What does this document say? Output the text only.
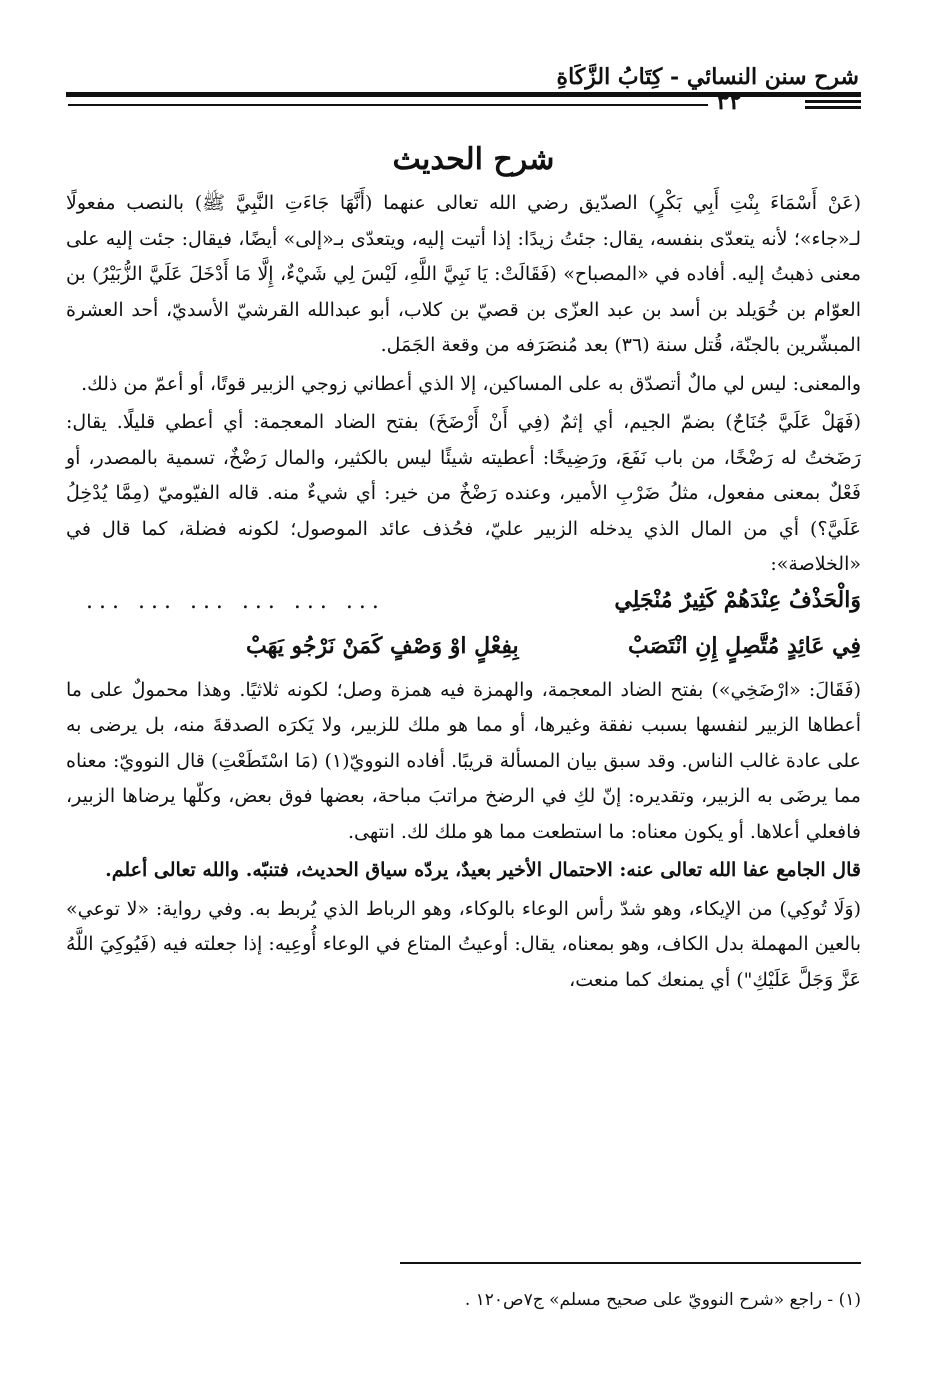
شرح سنن النسائي - كِتَابُ الزَّكَاةِ
٣٢
شرح الحديث

(عَنْ أَسْمَاءَ بِنْتِ أَبِي بَكْرٍ) الصدّيق رضي الله تعالى عنهما (أَنَّهَا جَاءَتِ النَّبِيَّ ﷺ) بالنصب مفعولًا لـ«جاء»؛ لأنه يتعدّى بنفسه، يقال: جئتُ زيدًا: إذا أتيت إليه، ويتعدّى بـ«إلى» أيضًا، فيقال: جئت إليه على معنى ذهبتُ إليه. أفاده في «المصباح» (فَقَالَتْ: يَا نَبِيَّ اللَّهِ، لَيْسَ لِي شَيْءٌ، إِلَّا مَا أَدْخَلَ عَلَيَّ الزُّبَيْرُ) بن العوّام بن خُوَيلد بن أسد بن عبد العزّى بن قصيّ بن كلاب، أبو عبدالله القرشيّ الأسديّ، أحد العشرة المبشّرين بالجنّة، قُتل سنة (٣٦) بعد مُنصَرَفه من وقعة الجَمَل.

والمعنى: ليس لي مالٌ أتصدّق به على المساكين، إلا الذي أعطاني زوجي الزبير قوتًا، أو أعمّ من ذلك.

(فَهَلْ عَلَيَّ جُنَاحٌ) بضمّ الجيم، أي إثمٌ (فِي أَنْ أَرْضَخَ) بفتح الضاد المعجمة: أي أعطي قليلًا. يقال: رَضَختُ له رَضْخًا، من باب نَفَعَ، ورَضِيخًا: أعطيته شيئًا ليس بالكثير، والمال رَضْخٌ، تسمية بالمصدر، أو فَعْلٌ بمعنى مفعول، مثلُ ضَرْبِ الأمير، وعنده رَضْخٌ من خير: أي شيءٌ منه. قاله الفيّوميّ (مِمَّا يُدْخِلُ عَلَيَّ؟) أي من المال الذي يدخله الزبير عليّ، فحُذف عائد الموصول؛ لكونه فضلة، كما قال في «الخلاصة»:

وَالْحَذْفُ عِنْدَهُمْ كَثِيرٌ مُنْجَلِي
... ... ... ... ... ...
فِي عَائِدٍ مُتَّصِلٍ إِنِ انْتَصَبْ
بِفِعْلٍ اوْ وَصْفٍ كَمَنْ نَرْجُو يَهَبْ

(فَقَالَ: «ارْضَخِي») بفتح الضاد المعجمة، والهمزة فيه همزة وصل؛ لكونه ثلاثيًا. وهذا محمولٌ على ما أعطاها الزبير لنفسها بسبب نفقة وغيرها، أو مما هو ملك للزبير، ولا يَكرَه الصدقةَ منه، بل يرضى به على عادة غالب الناس. وقد سبق بيان المسألة قريبًا. أفاده النوويّ(١) (مَا اسْتَطَعْتِ) قال النوويّ: معناه مما يرضَى به الزبير، وتقديره: إنّ لكِ في الرضخ مراتبَ مباحة، بعضها فوق بعض، وكلّها يرضاها الزبير، فافعلي أعلاها. أو يكون معناه: ما استطعت مما هو ملك لك. انتهى.

قال الجامع عفا الله تعالى عنه: الاحتمال الأخير بعيدٌ، يردّه سياق الحديث، فتنبّه. والله تعالى أعلم.

(وَلَا تُوكِي) من الإيكاء، وهو شدّ رأس الوعاء بالوكاء، وهو الرباط الذي يُربط به. وفي رواية: «لا توعي» بالعين المهملة بدل الكاف، وهو بمعناه، يقال: أوعيتُ المتاع في الوعاء أُوعِيه: إذا جعلته فيه (فَيُوكِيَ اللَّهُ عَزَّ وَجَلَّ عَلَيْكِ") أي يمنعك كما منعت،

(١) - راجع «شرح النوويّ على صحيح مسلم» ج٧ص١٢٠ .
